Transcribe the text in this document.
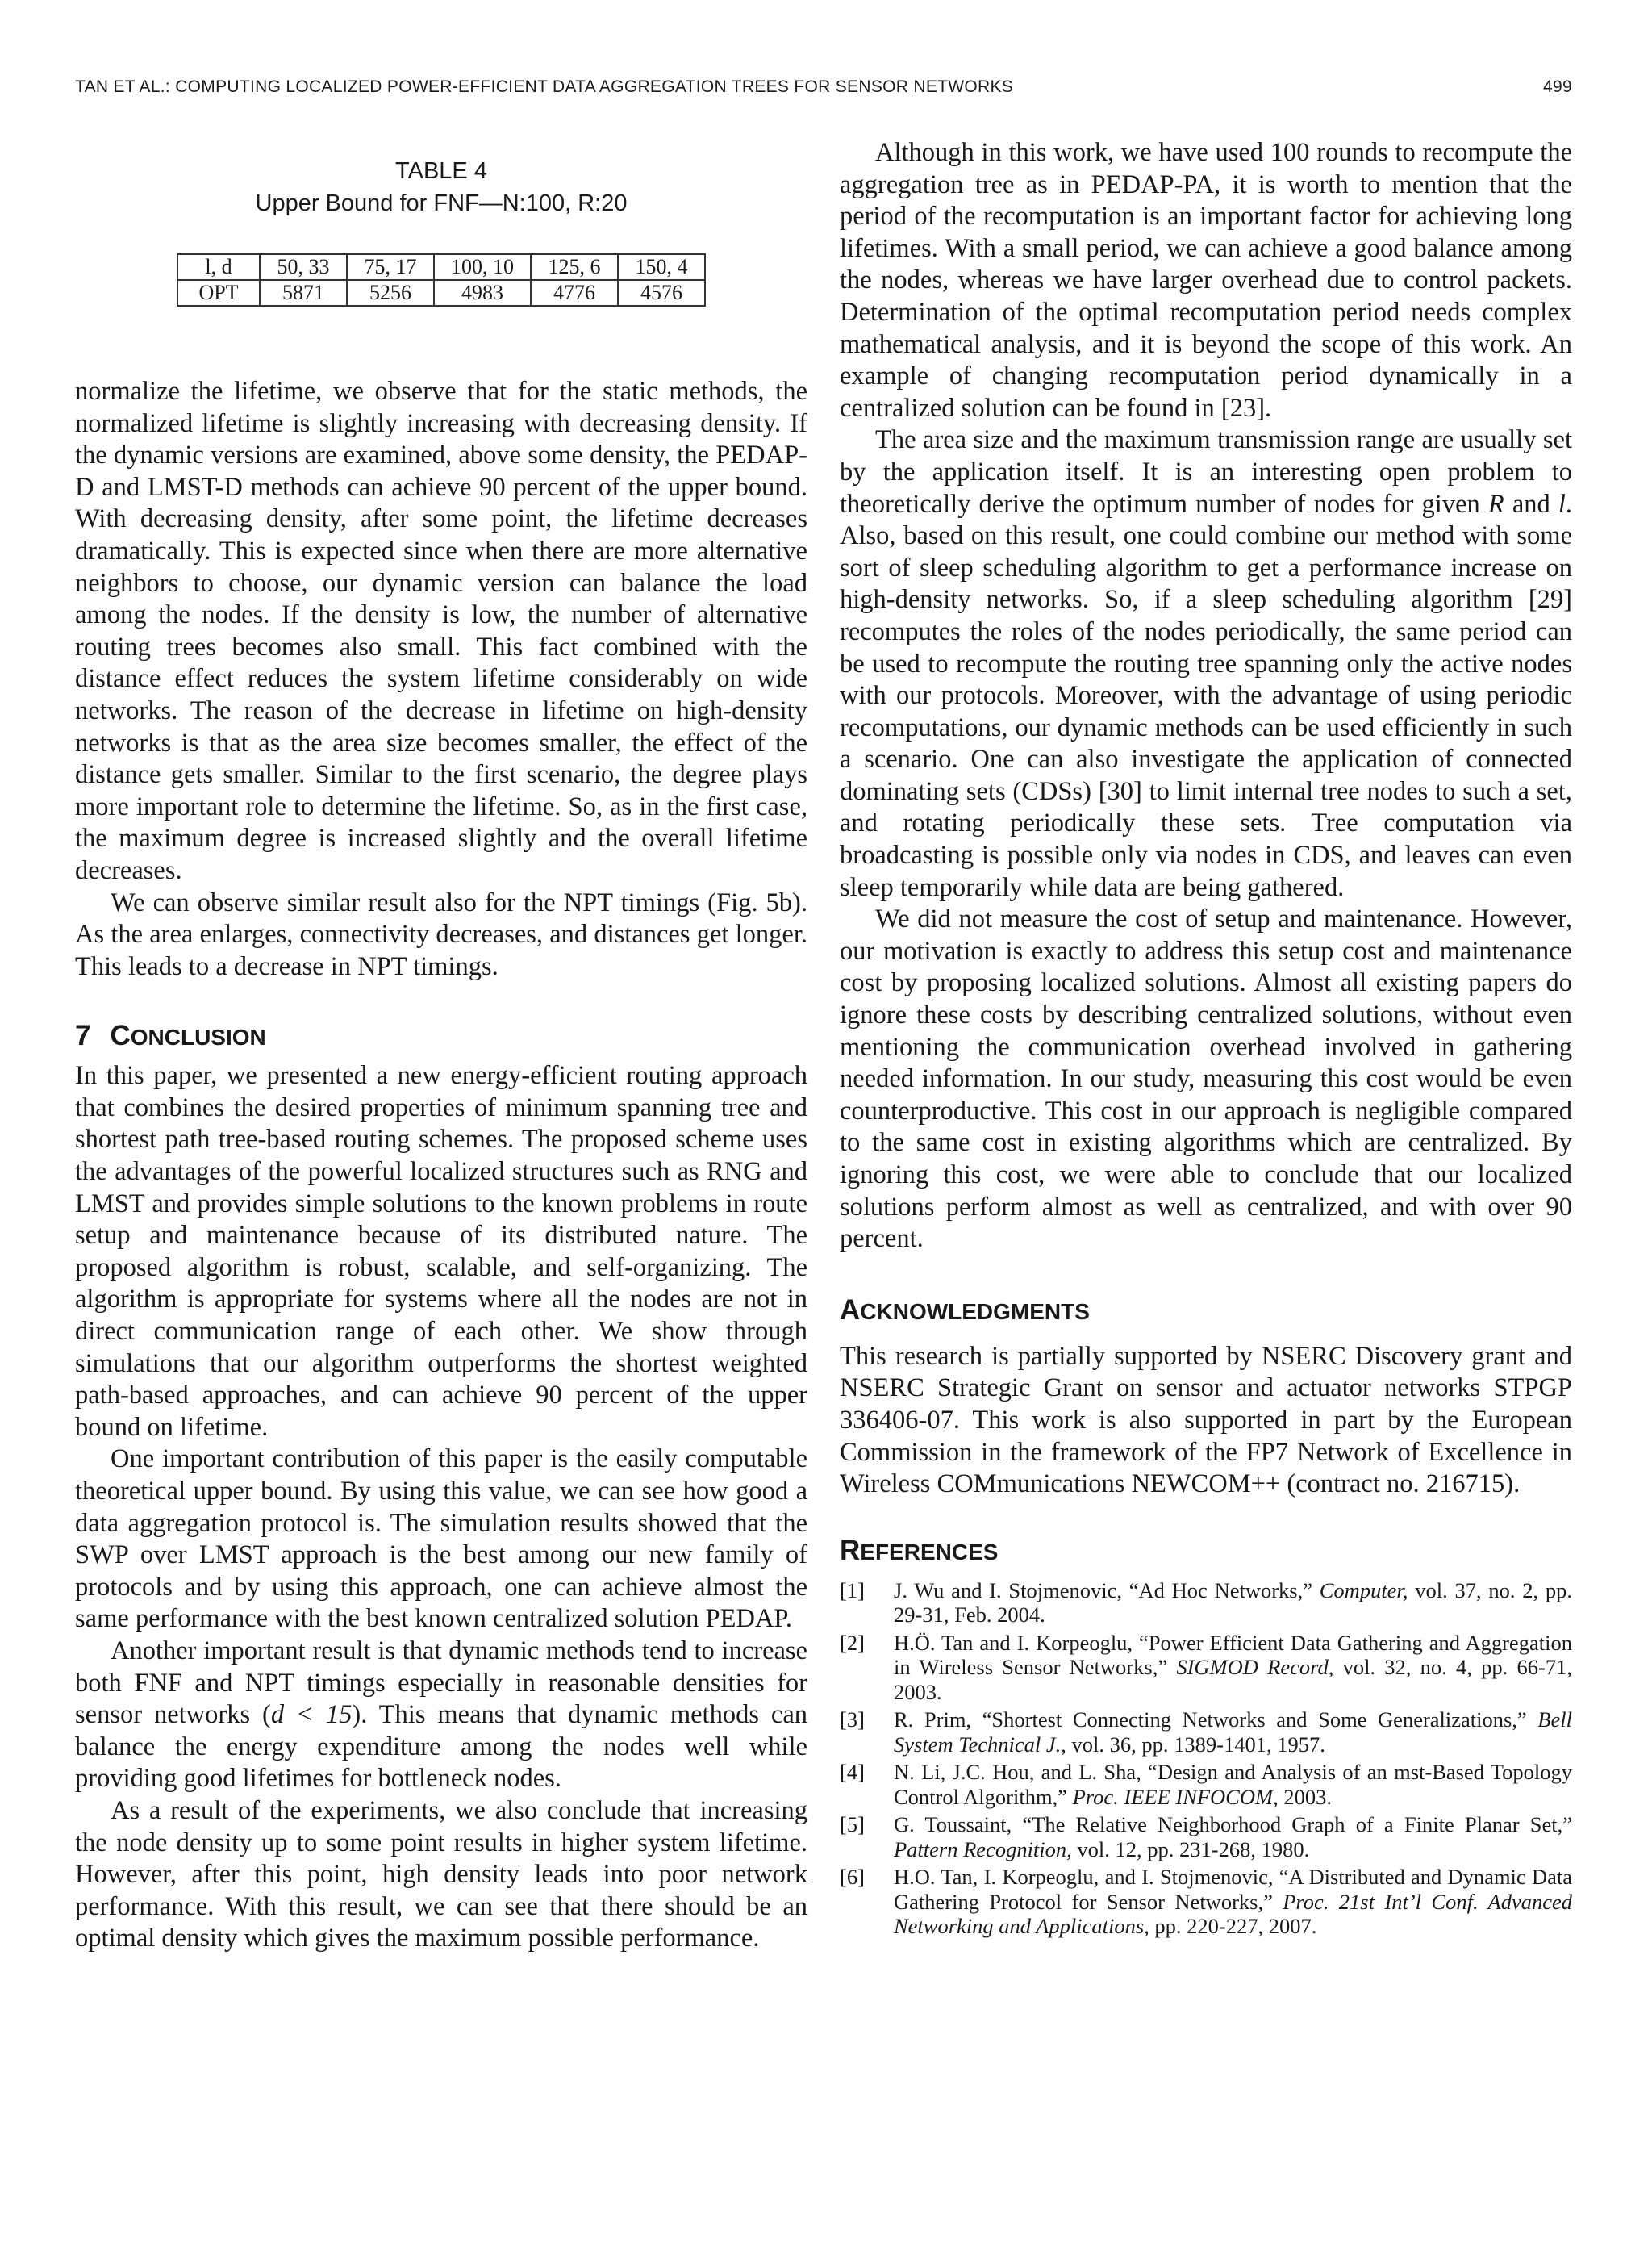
TAN ET AL.: COMPUTING LOCALIZED POWER-EFFICIENT DATA AGGREGATION TREES FOR SENSOR NETWORKS	499
TABLE 4
Upper Bound for FNF—N:100, R:20
l, d	50, 33	75, 17	100, 10	125, 6	150, 4
OPT	5871	5256	4983	4776	4576

normalize the lifetime, we observe that for the static methods, the normalized lifetime is slightly increasing with decreasing density. If the dynamic versions are examined, above some density, the PEDAP-D and LMST-D methods can achieve 90 percent of the upper bound. With decreasing density, after some point, the lifetime decreases dramatically. This is expected since when there are more alternative neighbors to choose, our dynamic version can balance the load among the nodes. If the density is low, the number of alternative routing trees becomes also small. This fact combined with the distance effect reduces the system lifetime considerably on wide networks. The reason of the decrease in lifetime on high-density networks is that as the area size becomes smaller, the effect of the distance gets smaller. Similar to the first scenario, the degree plays more important role to determine the lifetime. So, as in the first case, the maximum degree is increased slightly and the overall lifetime decreases.

We can observe similar result also for the NPT timings (Fig. 5b). As the area enlarges, connectivity decreases, and distances get longer. This leads to a decrease in NPT timings.

7 CONCLUSION

In this paper, we presented a new energy-efficient routing approach that combines the desired properties of minimum spanning tree and shortest path tree-based routing schemes. The proposed scheme uses the advantages of the powerful localized structures such as RNG and LMST and provides simple solutions to the known problems in route setup and maintenance because of its distributed nature. The proposed algorithm is robust, scalable, and self-organizing. The algorithm is appropriate for systems where all the nodes are not in direct communication range of each other. We show through simulations that our algorithm outperforms the shortest weighted path-based approaches, and can achieve 90 percent of the upper bound on lifetime.

One important contribution of this paper is the easily computable theoretical upper bound. By using this value, we can see how good a data aggregation protocol is. The simulation results showed that the SWP over LMST approach is the best among our new family of protocols and by using this approach, one can achieve almost the same performance with the best known centralized solution PEDAP.

Another important result is that dynamic methods tend to increase both FNF and NPT timings especially in reasonable densities for sensor networks (d < 15). This means that dynamic methods can balance the energy expenditure among the nodes well while providing good lifetimes for bottleneck nodes.

As a result of the experiments, we also conclude that increasing the node density up to some point results in higher system lifetime. However, after this point, high density leads into poor network performance. With this result, we can see that there should be an optimal density which gives the maximum possible performance.

Although in this work, we have used 100 rounds to recompute the aggregation tree as in PEDAP-PA, it is worth to mention that the period of the recomputation is an important factor for achieving long lifetimes. With a small period, we can achieve a good balance among the nodes, whereas we have larger overhead due to control packets. Determination of the optimal recomputation period needs complex mathematical analysis, and it is beyond the scope of this work. An example of changing recomputation period dynamically in a centralized solution can be found in [23].

The area size and the maximum transmission range are usually set by the application itself. It is an interesting open problem to theoretically derive the optimum number of nodes for given R and l. Also, based on this result, one could combine our method with some sort of sleep scheduling algorithm to get a performance increase on high-density networks. So, if a sleep scheduling algorithm [29] recomputes the roles of the nodes periodically, the same period can be used to recompute the routing tree spanning only the active nodes with our protocols. Moreover, with the advantage of using periodic recomputations, our dynamic methods can be used efficiently in such a scenario. One can also investigate the application of connected dominating sets (CDSs) [30] to limit internal tree nodes to such a set, and rotating periodically these sets. Tree computation via broadcasting is possible only via nodes in CDS, and leaves can even sleep temporarily while data are being gathered.

We did not measure the cost of setup and maintenance. However, our motivation is exactly to address this setup cost and maintenance cost by proposing localized solutions. Almost all existing papers do ignore these costs by describing centralized solutions, without even mentioning the communication overhead involved in gathering needed information. In our study, measuring this cost would be even counterproductive. This cost in our approach is negligible compared to the same cost in existing algorithms which are centralized. By ignoring this cost, we were able to conclude that our localized solutions perform almost as well as centralized, and with over 90 percent.

ACKNOWLEDGMENTS

This research is partially supported by NSERC Discovery grant and NSERC Strategic Grant on sensor and actuator networks STPGP 336406-07. This work is also supported in part by the European Commission in the framework of the FP7 Network of Excellence in Wireless COMmunications NEWCOM++ (contract no. 216715).

REFERENCES
[1] J. Wu and I. Stojmenovic, “Ad Hoc Networks,” Computer, vol. 37, no. 2, pp. 29-31, Feb. 2004.
[2] H.Ö. Tan and I. Korpeoglu, “Power Efficient Data Gathering and Aggregation in Wireless Sensor Networks,” SIGMOD Record, vol. 32, no. 4, pp. 66-71, 2003.
[3] R. Prim, “Shortest Connecting Networks and Some Generalizations,” Bell System Technical J., vol. 36, pp. 1389-1401, 1957.
[4] N. Li, J.C. Hou, and L. Sha, “Design and Analysis of an mst-Based Topology Control Algorithm,” Proc. IEEE INFOCOM, 2003.
[5] G. Toussaint, “The Relative Neighborhood Graph of a Finite Planar Set,” Pattern Recognition, vol. 12, pp. 231-268, 1980.
[6] H.O. Tan, I. Korpeoglu, and I. Stojmenovic, “A Distributed and Dynamic Data Gathering Protocol for Sensor Networks,” Proc. 21st Int’l Conf. Advanced Networking and Applications, pp. 220-227, 2007.
